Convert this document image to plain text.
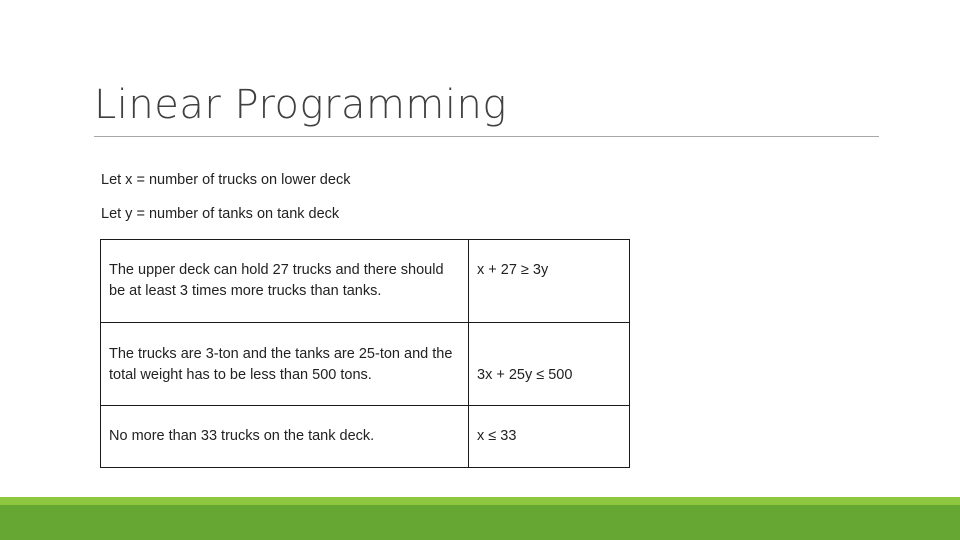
Linear Programming
Let x = number of trucks on lower deck
Let y = number of tanks on tank deck
The upper deck can hold 27 trucks and there should be at least 3 times more trucks than tanks.	x + 27 ≥ 3y
The trucks are 3-ton and the tanks are 25-ton and the total weight has to be less than 500 tons.	3x + 25y ≤ 500
No more than 33 trucks on the tank deck.	x ≤ 33
